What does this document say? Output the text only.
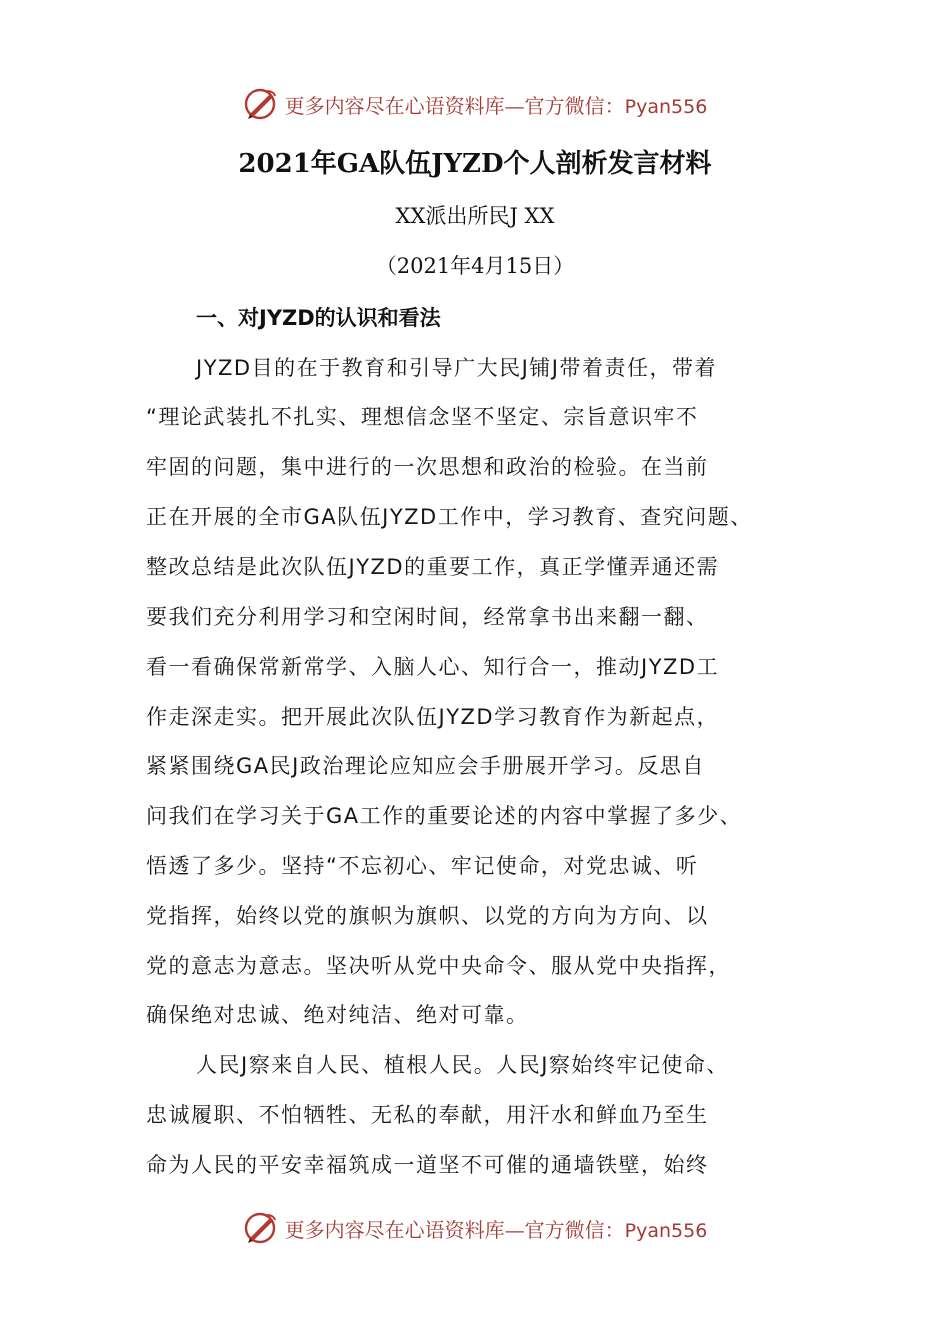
更多内容尽在心语资料库—官方微信：Pyan556
2021年GA队伍JYZD个人剖析发言材料
XX派出所民J XX
（2021年4月15日）
一、对JYZD的认识和看法
JYZD目的在于教育和引导广大民J铺J带着责任，带着
“理论武装扎不扎实、理想信念坚不坚定、宗旨意识牢不
牢固的问题，集中进行的一次思想和政治的检验。在当前
正在开展的全市GA队伍JYZD工作中，学习教育、查究问题、
整改总结是此次队伍JYZD的重要工作，真正学懂弄通还需
要我们充分利用学习和空闲时间，经常拿书出来翻一翻、
看一看确保常新常学、入脑人心、知行合一，推动JYZD工
作走深走实。把开展此次队伍JYZD学习教育作为新起点，
紧紧围绕GA民J政治理论应知应会手册展开学习。反思自
问我们在学习关于GA工作的重要论述的内容中掌握了多少、
悟透了多少。坚持“不忘初心、牢记使命，对党忠诚、听
党指挥，始终以党的旗帜为旗帜、以党的方向为方向、以
党的意志为意志。坚决听从党中央命令、服从党中央指挥，
确保绝对忠诚、绝对纯洁、绝对可靠。
人民J察来自人民、植根人民。人民J察始终牢记使命、
忠诚履职、不怕牺牲、无私的奉献，用汗水和鲜血乃至生
命为人民的平安幸福筑成一道坚不可催的通墙铁壁，始终
更多内容尽在心语资料库—官方微信：Pyan556
